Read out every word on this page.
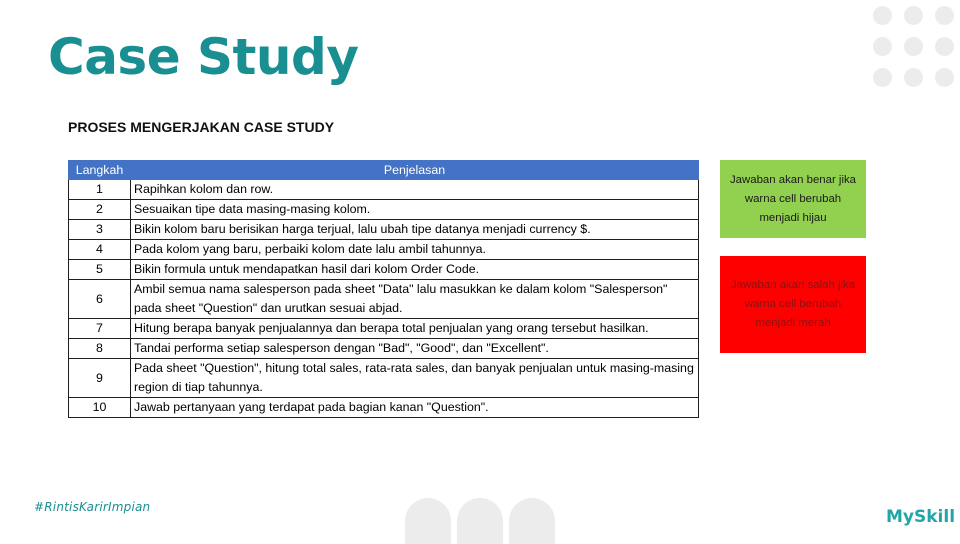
Case Study
PROSES MENGERJAKAN CASE STUDY
Langkah	Penjelasan
1	Rapihkan kolom dan row.
2	Sesuaikan tipe data masing-masing kolom.
3	Bikin kolom baru berisikan harga terjual, lalu ubah tipe datanya menjadi currency $.
4	Pada kolom yang baru, perbaiki kolom date lalu ambil tahunnya.
5	Bikin formula untuk mendapatkan hasil dari kolom Order Code.
6	Ambil semua nama salesperson pada sheet "Data" lalu masukkan ke dalam kolom "Salesperson" pada sheet "Question" dan urutkan sesuai abjad.
7	Hitung berapa banyak penjualannya dan berapa total penjualan yang orang tersebut hasilkan.
8	Tandai performa setiap salesperson dengan "Bad", "Good", dan "Excellent".
9	Pada sheet "Question", hitung total sales, rata-rata sales, dan banyak penjualan untuk masing-masing region di tiap tahunnya.
10	Jawab pertanyaan yang terdapat pada bagian kanan "Question".
Jawaban akan benar jika warna cell berubah menjadi hijau
Jawaban akan salah jika warna cell berubah menjadi merah
#RintisKarirImpian	MySkill
